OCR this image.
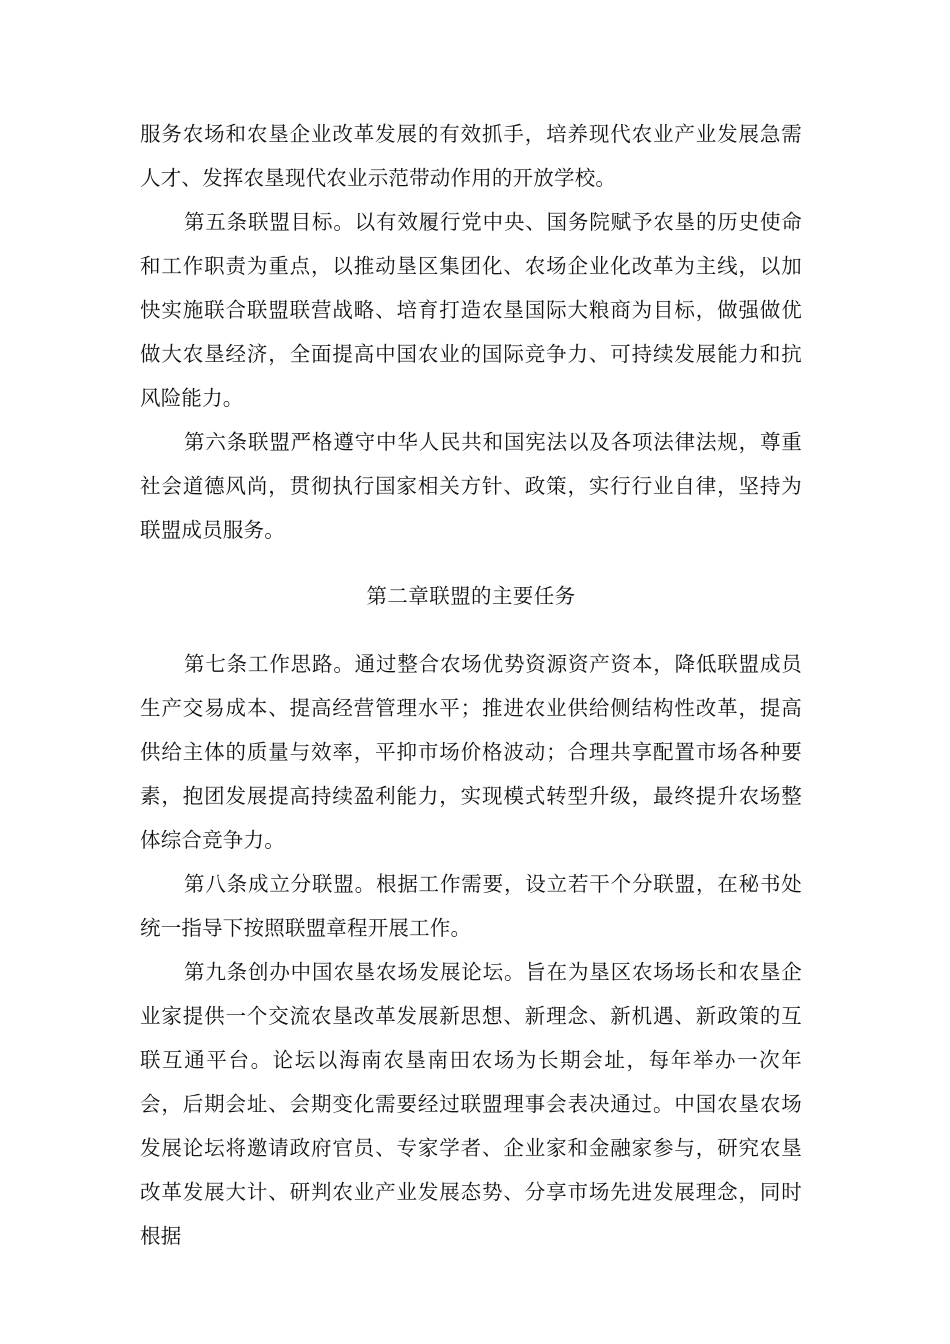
服务农场和农垦企业改革发展的有效抓手，培养现代农业产业发展急需人才、发挥农垦现代农业示范带动作用的开放学校。

第五条联盟目标。以有效履行党中央、国务院赋予农垦的历史使命和工作职责为重点，以推动垦区集团化、农场企业化改革为主线，以加快实施联合联盟联营战略、培育打造农垦国际大粮商为目标，做强做优做大农垦经济，全面提高中国农业的国际竞争力、可持续发展能力和抗风险能力。

第六条联盟严格遵守中华人民共和国宪法以及各项法律法规，尊重社会道德风尚，贯彻执行国家相关方针、政策，实行行业自律，坚持为联盟成员服务。

第二章联盟的主要任务

第七条工作思路。通过整合农场优势资源资产资本，降低联盟成员生产交易成本、提高经营管理水平；推进农业供给侧结构性改革，提高供给主体的质量与效率，平抑市场价格波动；合理共享配置市场各种要素，抱团发展提高持续盈利能力，实现模式转型升级，最终提升农场整体综合竞争力。

第八条成立分联盟。根据工作需要，设立若干个分联盟，在秘书处统一指导下按照联盟章程开展工作。

第九条创办中国农垦农场发展论坛。旨在为垦区农场场长和农垦企业家提供一个交流农垦改革发展新思想、新理念、新机遇、新政策的互联互通平台。论坛以海南农垦南田农场为长期会址，每年举办一次年会，后期会址、会期变化需要经过联盟理事会表决通过。中国农垦农场发展论坛将邀请政府官员、专家学者、企业家和金融家参与，研究农垦改革发展大计、研判农业产业发展态势、分享市场先进发展理念，同时根据
